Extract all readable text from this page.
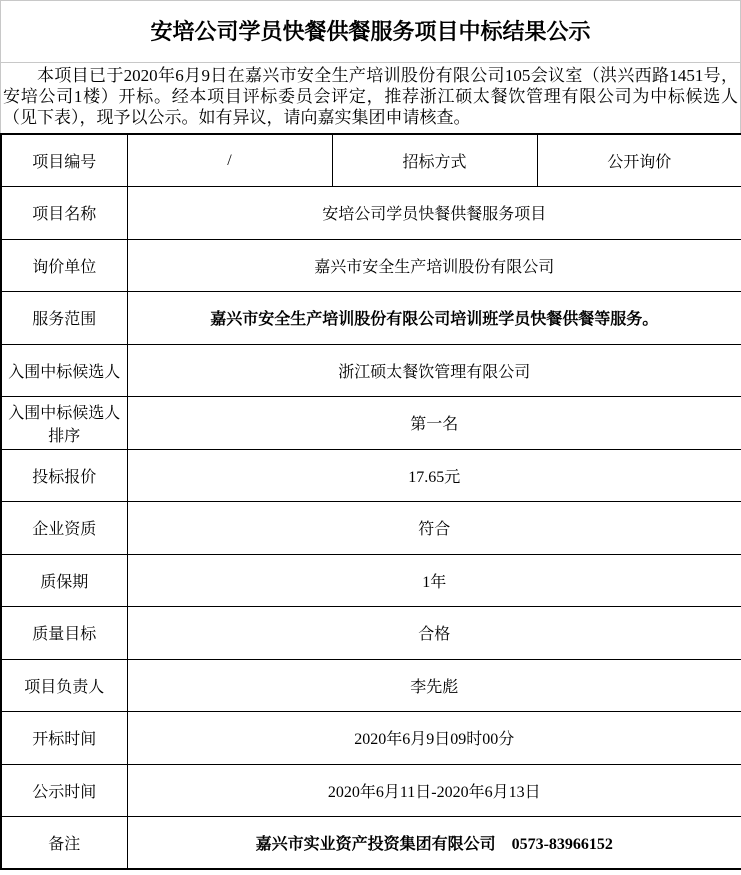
安培公司学员快餐供餐服务项目中标结果公示

本项目已于2020年6月9日在嘉兴市安全生产培训股份有限公司105会议室（洪兴西路1451号，安培公司1楼）开标。经本项目评标委员会评定，推荐浙江硕太餐饮管理有限公司为中标候选人（见下表），现予以公示。如有异议，请向嘉实集团申请核查。

项目编号	/	招标方式	公开询价
项目名称	安培公司学员快餐供餐服务项目		
询价单位	嘉兴市安全生产培训股份有限公司		
服务范围	嘉兴市安全生产培训股份有限公司培训班学员快餐供餐等服务。		
入围中标候选人	浙江硕太餐饮管理有限公司		
入围中标候选人排序	第一名		
投标报价	17.65元		
企业资质	符合		
质保期	1年		
质量目标	合格		
项目负责人	李先彪		
开标时间	2020年6月9日09时00分		
公示时间	2020年6月11日-2020年6月13日		
备注	嘉兴市实业资产投资集团有限公司　0573-83966152		
